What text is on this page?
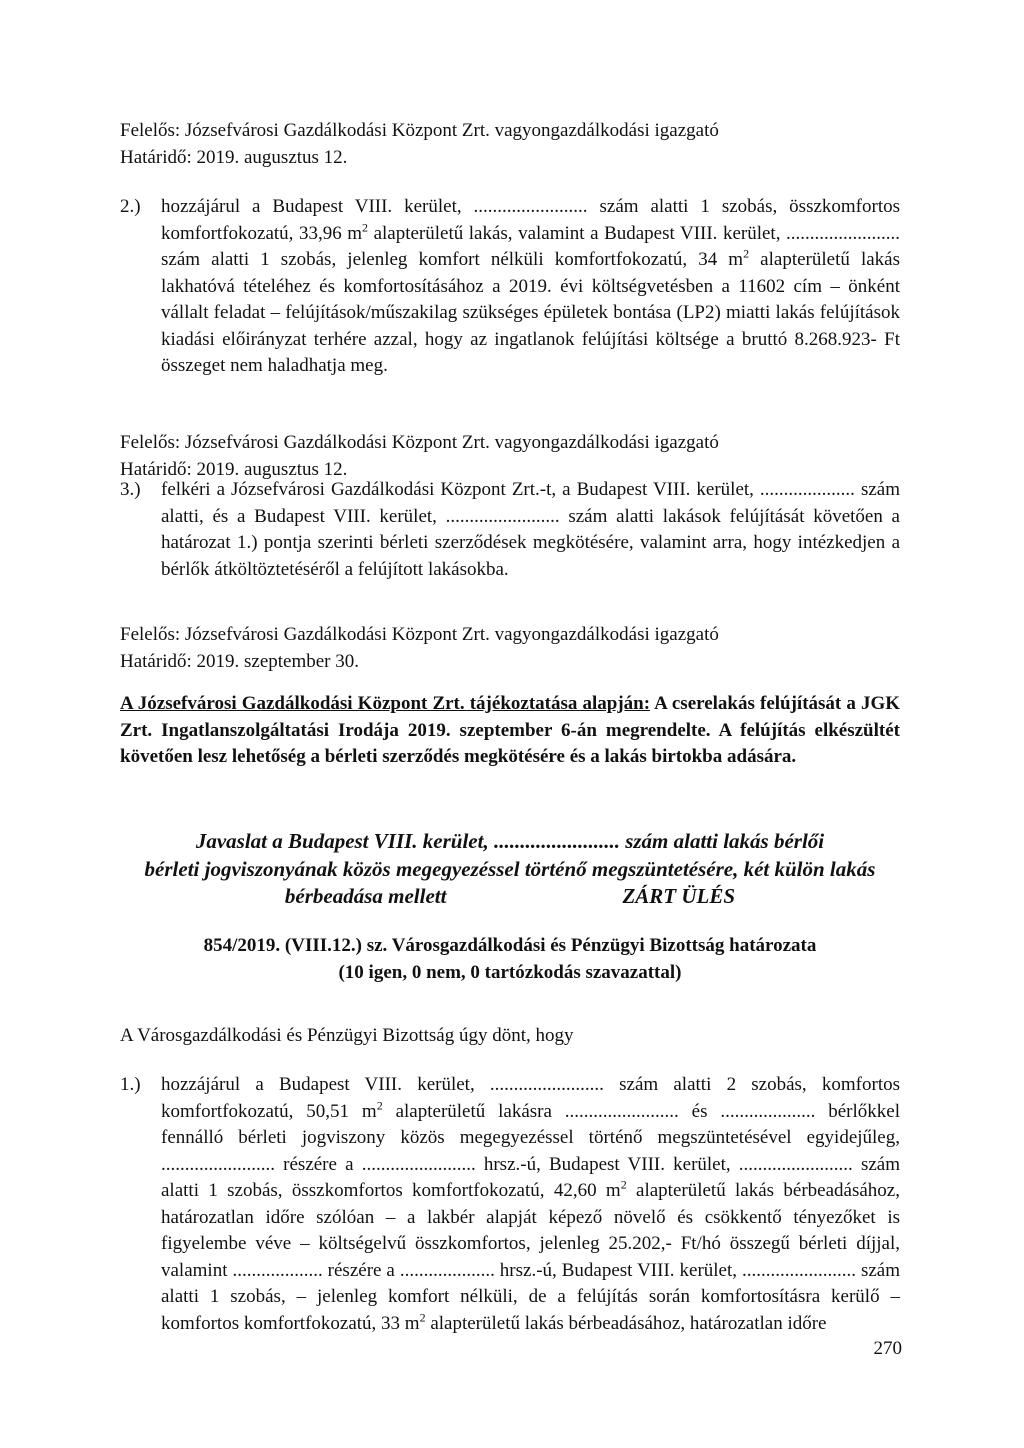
Felelős: Józsefvárosi Gazdálkodási Központ Zrt. vagyongazdálkodási igazgató

Határidő: 2019. augusztus 12.

2.)	hozzájárul a Budapest VIII. kerület, ........................ szám alatti 1 szobás, összkomfortos komfortfokozatú, 33,96 $m^2$ alapterületű lakás, valamint a Budapest VIII. kerület, ........................ szám alatti 1 szobás, jelenleg komfort nélküli komfortfokozatú, 34 $m^2$ alapterületű lakás lakhatóvá tételéhez és komfortosításához a 2019. évi költségvetésben a 11602 cím – önként vállalt feladat – felújítások/műszakilag szükséges épületek bontása (LP2) miatti lakás felújítások kiadási előirányzat terhére azzal, hogy az ingatlanok felújítási költsége a bruttó 8.268.923- Ft összeget nem haladhatja meg.

Felelős: Józsefvárosi Gazdálkodási Központ Zrt. vagyongazdálkodási igazgató

Határidő: 2019. augusztus 12.

3.)	felkéri a Józsefvárosi Gazdálkodási Központ Zrt.-t, a Budapest VIII. kerület, .................... szám alatti, és a Budapest VIII. kerület, ........................ szám alatti lakások felújítását követően a határozat 1.) pontja szerinti bérleti szerződések megkötésére, valamint arra, hogy intézkedjen a bérlők átköltöztetéséről a felújított lakásokba.

Felelős: Józsefvárosi Gazdálkodási Központ Zrt. vagyongazdálkodási igazgató

Határidő: 2019. szeptember 30.

A Józsefvárosi Gazdálkodási Központ Zrt. tájékoztatása alapján: A cserelakás felújítását a JGK Zrt. Ingatlanszolgáltatási Irodája 2019. szeptember 6-án megrendelte. A felújítás elkészültét követően lesz lehetőség a bérleti szerződés megkötésére és a lakás birtokba adására.

Javaslat a Budapest VIII. kerület, ........................ szám alatti lakás bérlői
bérleti jogviszonyának közös megegyezéssel történő megszüntetésére, két külön lakás
bérbeadása mellett	ZÁRT ÜLÉS
854/2019. (VIII.12.) sz. Városgazdálkodási és Pénzügyi Bizottság határozata
(10 igen, 0 nem, 0 tartózkodás szavazattal)

A Városgazdálkodási és Pénzügyi Bizottság úgy dönt, hogy

1.)	hozzájárul a Budapest VIII. kerület, ........................ szám alatti 2 szobás, komfortos komfortfokozatú, 50,51 $m^2$ alapterületű lakásra ........................ és .................... bérlőkkel fennálló bérleti jogviszony közös megegyezéssel történő megszüntetésével egyidejűleg, ........................ részére a ........................ hrsz.-ú, Budapest VIII. kerület, ........................ szám alatti 1 szobás, összkomfortos komfortfokozatú, 42,60 $m^2$ alapterületű lakás bérbeadásához, határozatlan időre szólóan – a lakbér alapját képező növelő és csökkentő tényezőket is figyelembe véve – költségelvű összkomfortos, jelenleg 25.202,- Ft/hó összegű bérleti díjjal, valamint ................... részére a .................... hrsz.-ú, Budapest VIII. kerület, ........................ szám alatti 1 szobás, – jelenleg komfort nélküli, de a felújítás során komfortosításra kerülő – komfortos komfortfokozatú, 33 $m^2$ alapterületű lakás bérbeadásához, határozatlan időre

270
